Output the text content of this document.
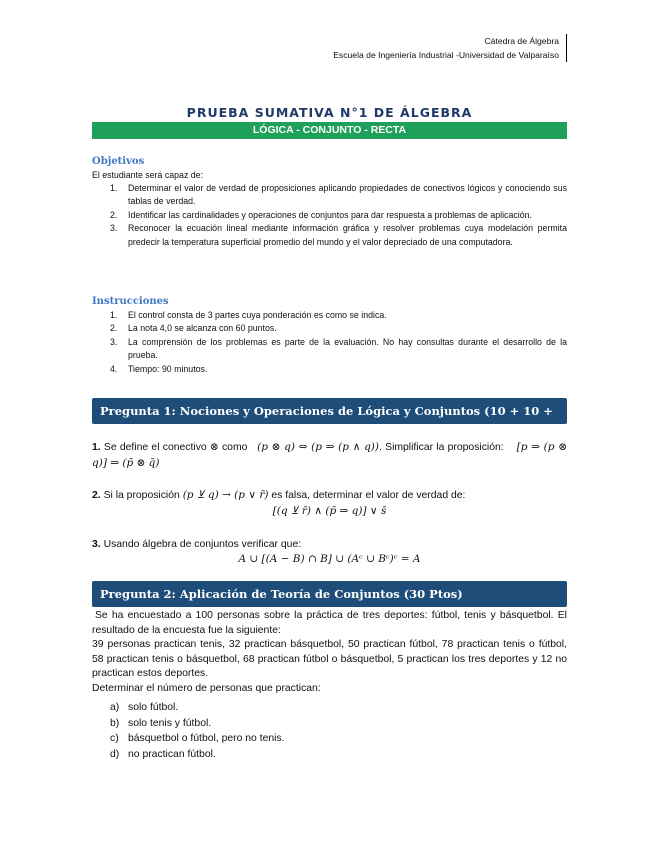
Cátedra de Álgebra
Escuela de Ingeniería Industrial -Universidad de Valparaíso
PRUEBA SUMATIVA N°1 DE ÁLGEBRA
LÓGICA - CONJUNTO - RECTA
Objetivos
El estudiante será capaz de:
1. Determinar el valor de verdad de proposiciones aplicando propiedades de conectivos lógicos y conociendo sus tablas de verdad.
2. Identificar las cardinalidades y operaciones de conjuntos para dar respuesta a problemas de aplicación.
3. Reconocer la ecuación lineal mediante información gráfica y resolver problemas cuya modelación permita predecir la temperatura superficial promedio del mundo y el valor depreciado de una computadora.
Instrucciones
1. El control consta de 3 partes cuya ponderación es como se indica.
2. La nota 4,0 se alcanza con 60 puntos.
3. La comprensión de los problemas es parte de la evaluación. No hay consultas durante el desarrollo de la prueba.
4. Tiempo: 90 minutos.
Pregunta 1: Nociones y Operaciones de Lógica y Conjuntos (10 + 10 + 10 Ptos)
1. Se define el conectivo ⊗ como (p ⊗ q) ⇔ (p ⇒ (p ∧ q)). Simplificar la proposición: [p ⇒ (p ⊗ q)] ⇒ (p̄ ⊗ q̄)
2. Si la proposición (p ⊻ q) → (p ∨ r̄) es falsa, determinar el valor de verdad de:
[(q ⊻ r̄) ∧ (p̄ ⇒ q)] ∨ s̄
3. Usando álgebra de conjuntos verificar que:
A ∪ [(A − B) ∩ B] ∪ (Aᶜ ∪ Bᶜ)ᶜ = A
Pregunta 2: Aplicación de Teoría de Conjuntos (30 Ptos)
Se ha encuestado a 100 personas sobre la práctica de tres deportes: fútbol, tenis y básquetbol. El resultado de la encuesta fue la siguiente:
39 personas practican tenis, 32 practican básquetbol, 50 practican fútbol, 78 practican tenis o fútbol, 58 practican tenis o básquetbol, 68 practican fútbol o básquetbol, 5 practican los tres deportes y 12 no practican estos deportes.
Determinar el número de personas que practican:
a) solo fútbol.
b) solo tenis y fútbol.
c) básquetbol o fútbol, pero no tenis.
d) no practican fútbol.
